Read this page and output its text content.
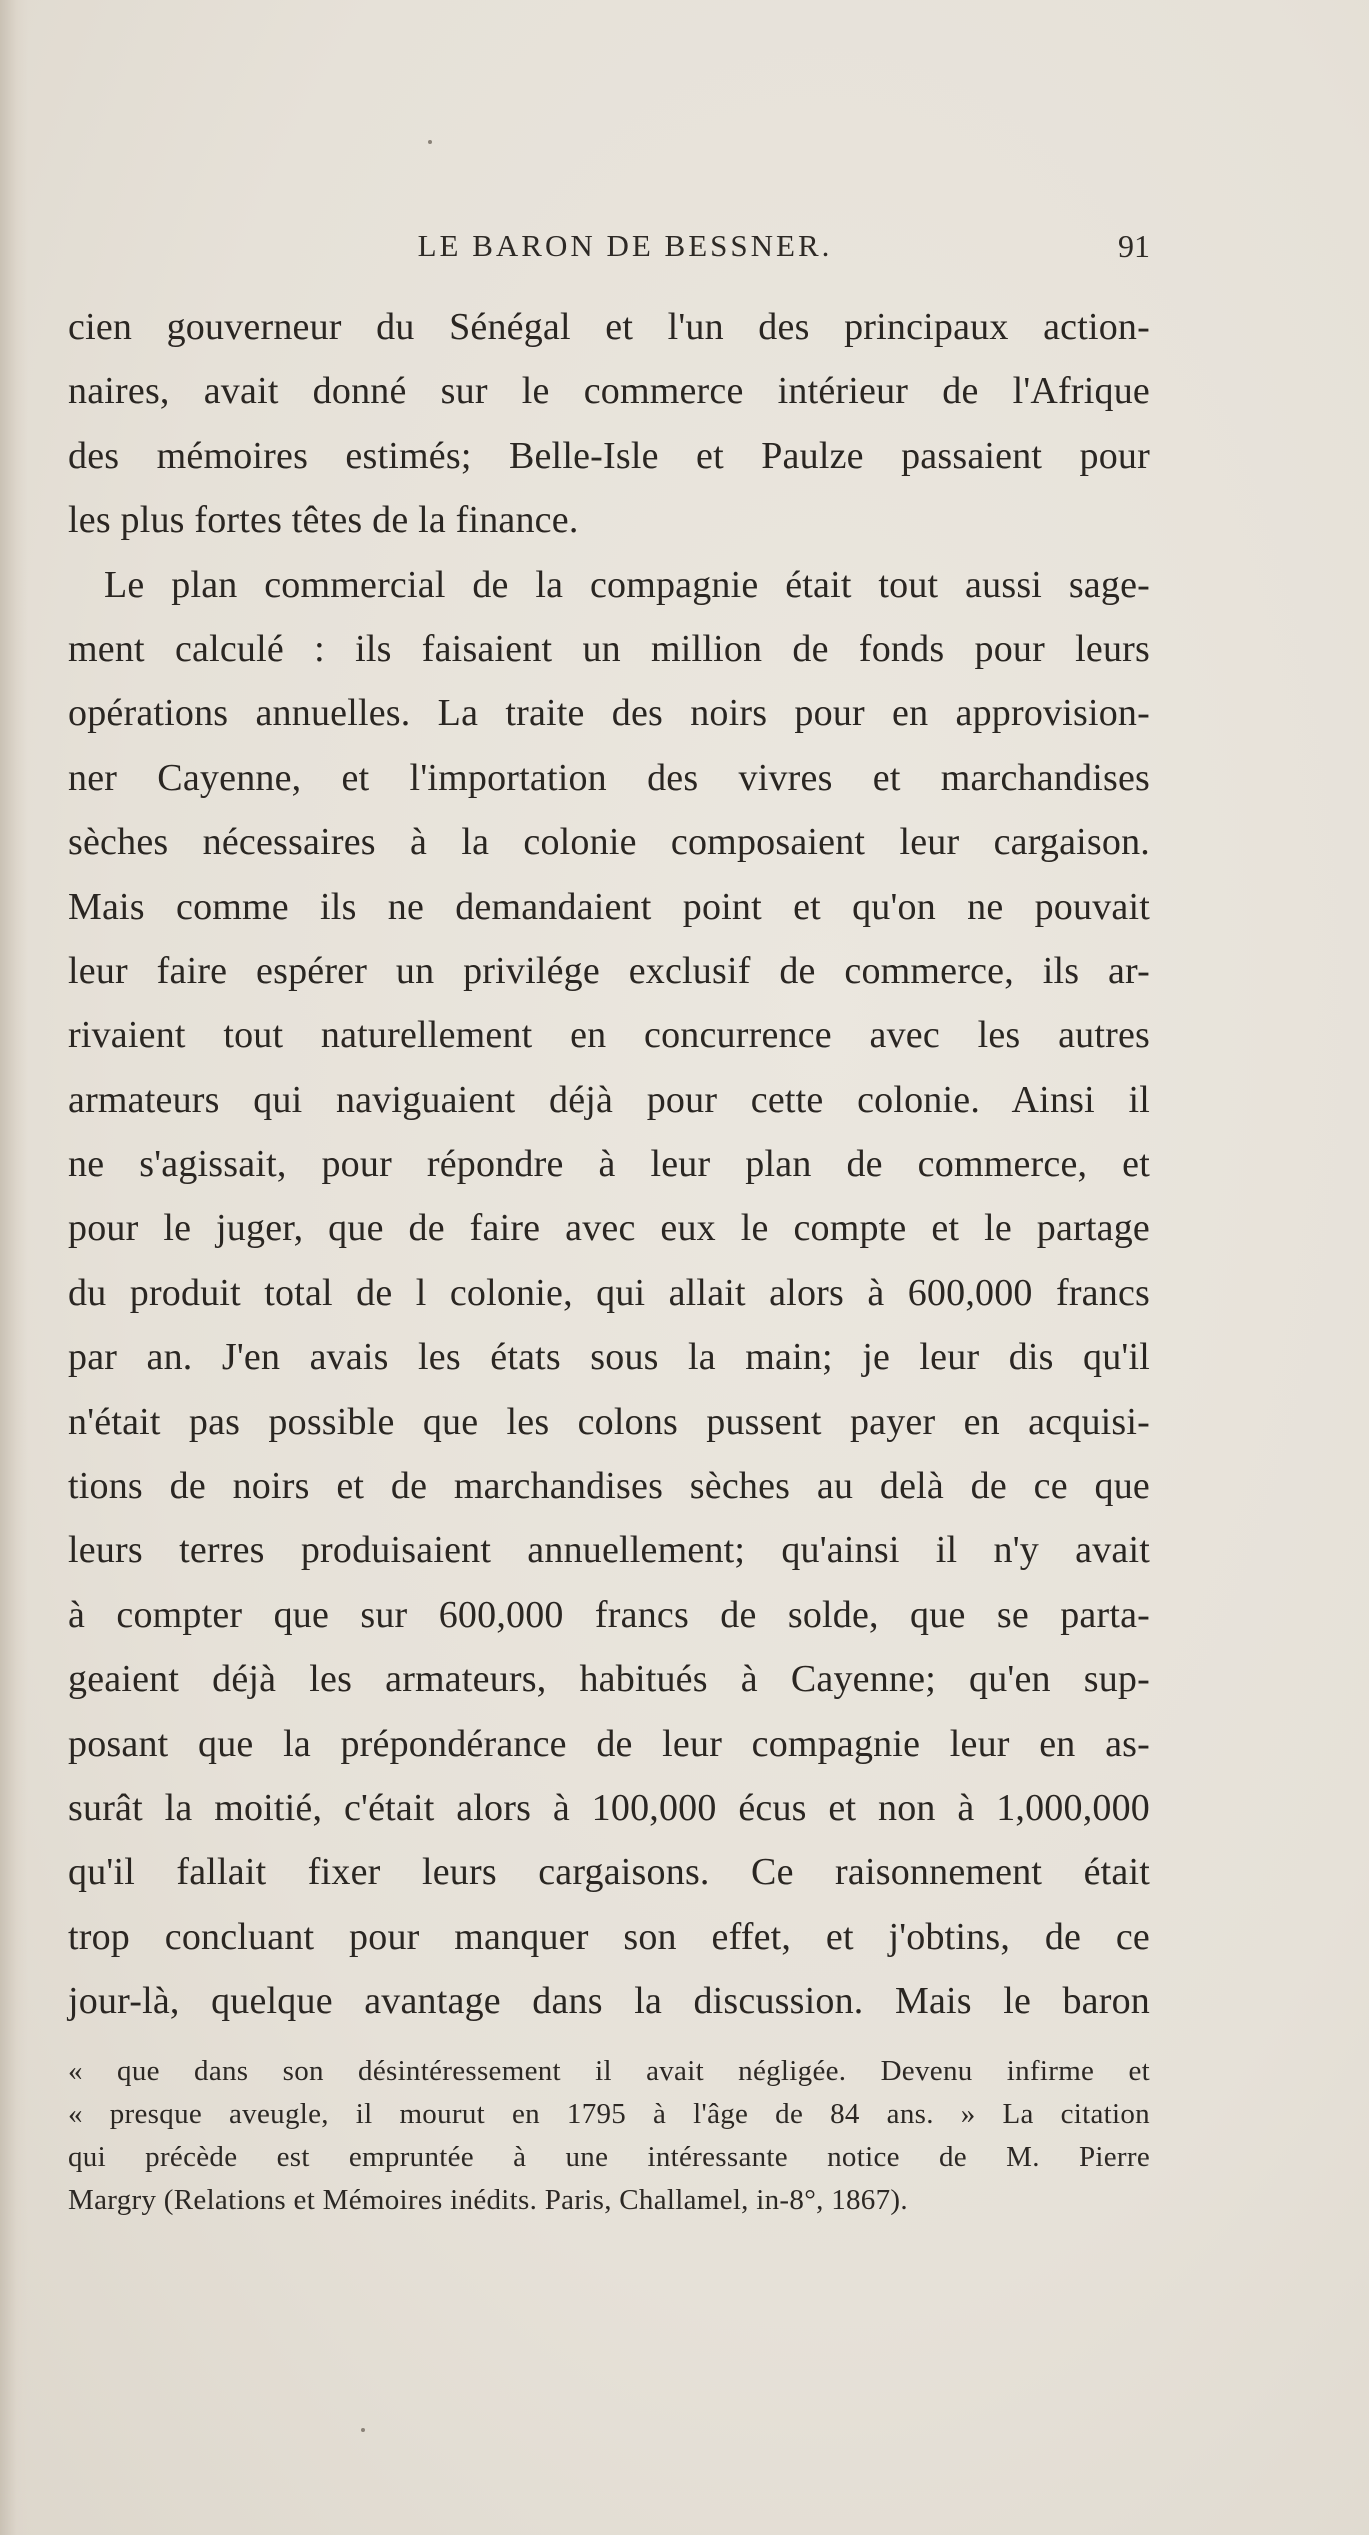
LE BARON DE BESSNER.	91
cien gouverneur du Sénégal et l'un des principaux action-
naires, avait donné sur le commerce intérieur de l'Afrique
des mémoires estimés; Belle-Isle et Paulze passaient pour
les plus fortes têtes de la finance.
Le plan commercial de la compagnie était tout aussi sage-
ment calculé : ils faisaient un million de fonds pour leurs
opérations annuelles. La traite des noirs pour en approvision-
ner Cayenne, et l'importation des vivres et marchandises
sèches nécessaires à la colonie composaient leur cargaison.
Mais comme ils ne demandaient point et qu'on ne pouvait
leur faire espérer un privilége exclusif de commerce, ils ar-
rivaient tout naturellement en concurrence avec les autres
armateurs qui naviguaient déjà pour cette colonie. Ainsi il
ne s'agissait, pour répondre à leur plan de commerce, et
pour le juger, que de faire avec eux le compte et le partage
du produit total de l colonie, qui allait alors à 600,000 francs
par an. J'en avais les états sous la main; je leur dis qu'il
n'était pas possible que les colons pussent payer en acquisi-
tions de noirs et de marchandises sèches au delà de ce que
leurs terres produisaient annuellement; qu'ainsi il n'y avait
à compter que sur 600,000 francs de solde, que se parta-
geaient déjà les armateurs, habitués à Cayenne; qu'en sup-
posant que la prépondérance de leur compagnie leur en as-
surât la moitié, c'était alors à 100,000 écus et non à 1,000,000
qu'il fallait fixer leurs cargaisons. Ce raisonnement était
trop concluant pour manquer son effet, et j'obtins, de ce
jour-là, quelque avantage dans la discussion. Mais le baron
« que dans son désintéressement il avait négligée. Devenu infirme et
« presque aveugle, il mourut en 1795 à l'âge de 84 ans. » La citation
qui précède est empruntée à une intéressante notice de M. Pierre
Margry (Relations et Mémoires inédits. Paris, Challamel, in-8°, 1867).
